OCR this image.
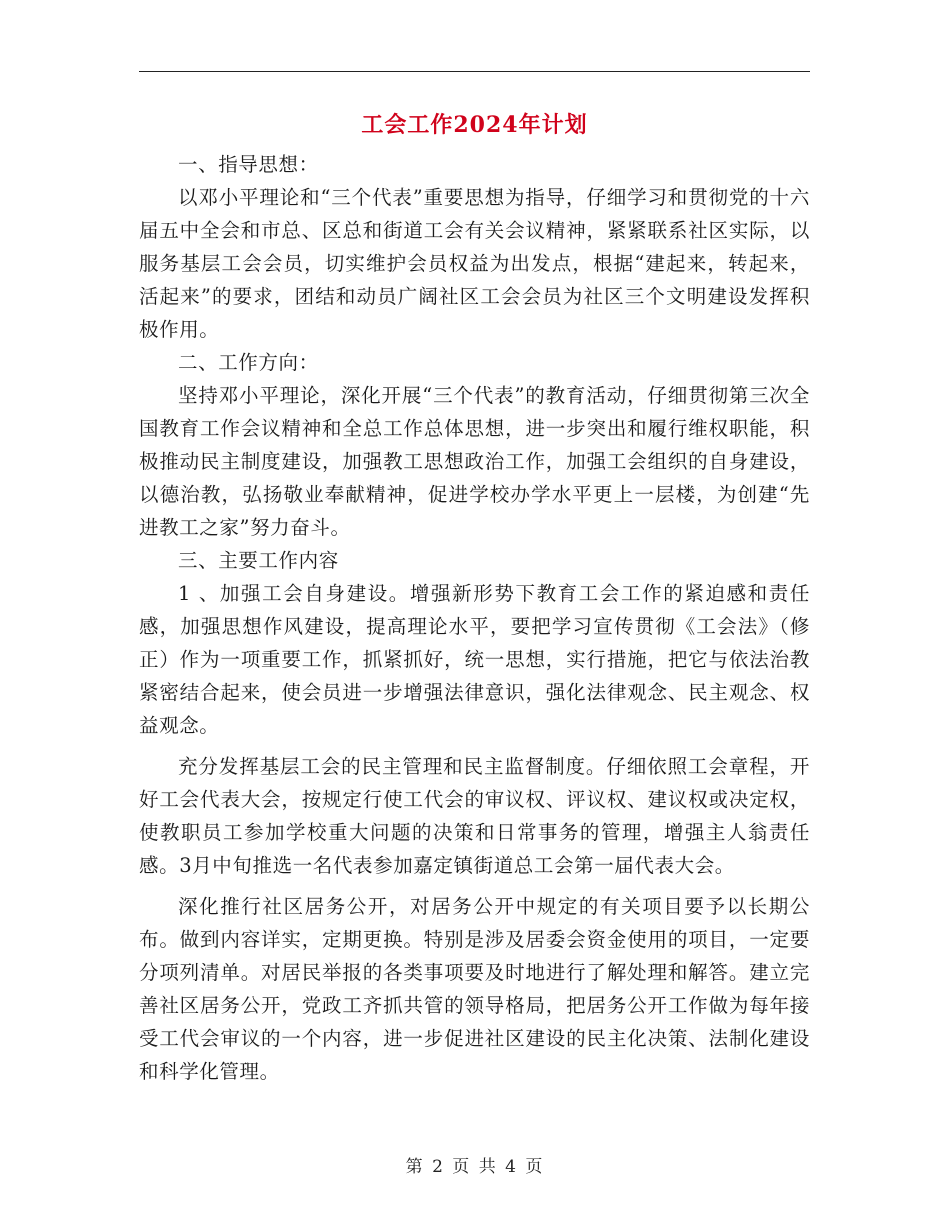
工会工作2024年计划

一、指导思想：

以邓小平理论和“三个代表”重要思想为指导，仔细学习和贯彻党的十六届五中全会和市总、区总和街道工会有关会议精神，紧紧联系社区实际，以服务基层工会会员，切实维护会员权益为出发点，根据“建起来，转起来，活起来”的要求，团结和动员广阔社区工会会员为社区三个文明建设发挥积极作用。

二、工作方向：

坚持邓小平理论，深化开展“三个代表”的教育活动，仔细贯彻第三次全国教育工作会议精神和全总工作总体思想，进一步突出和履行维权职能，积极推动民主制度建设，加强教工思想政治工作，加强工会组织的自身建设，以德治教，弘扬敬业奉献精神，促进学校办学水平更上一层楼，为创建“先进教工之家”努力奋斗。

三、主要工作内容

1 、加强工会自身建设。增强新形势下教育工会工作的紧迫感和责任感，加强思想作风建设，提高理论水平，要把学习宣传贯彻《工会法》（修正）作为一项重要工作，抓紧抓好，统一思想，实行措施，把它与依法治教紧密结合起来，使会员进一步增强法律意识，强化法律观念、民主观念、权益观念。

充分发挥基层工会的民主管理和民主监督制度。仔细依照工会章程，开好工会代表大会，按规定行使工代会的审议权、评议权、建议权或决定权，使教职员工参加学校重大问题的决策和日常事务的管理，增强主人翁责任感。3月中旬推选一名代表参加嘉定镇街道总工会第一届代表大会。

深化推行社区居务公开，对居务公开中规定的有关项目要予以长期公布。做到内容详实，定期更换。特别是涉及居委会资金使用的项目，一定要分项列清单。对居民举报的各类事项要及时地进行了解处理和解答。建立完善社区居务公开，党政工齐抓共管的领导格局，把居务公开工作做为每年接受工代会审议的一个内容，进一步促进社区建设的民主化决策、法制化建设和科学化管理。

第 2 页 共 4 页
